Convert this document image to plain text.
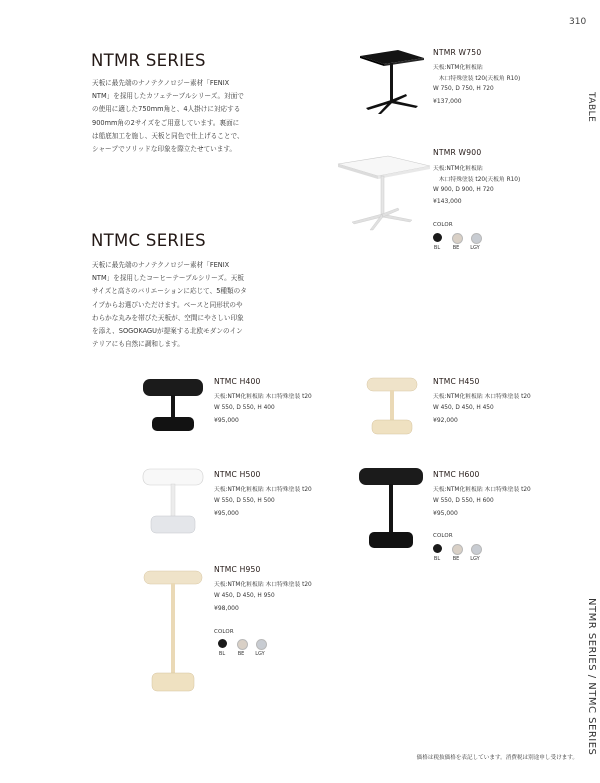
310
TABLE
NTMR SERIES / NTMC SERIES
NTMR SERIES
天板に最先端のナノテクノロジー素材「FENIX
NTM」を採用したカフェテーブルシリーズ。対面で
の使用に適した750mm角と、4人掛けに対応する
900mm角の2サイズをご用意しています。裏面に
は船底加工を施し、天板と同色で仕上げることで、
シャープでソリッドな印象を際立たせています。
NTMR W750
天板:NTM化粧板貼
　木口特殊塗装 t20(天板角 R10)
W 750, D 750, H 720
¥137,000
NTMR W900
天板:NTM化粧板貼
　木口特殊塗装 t20(天板角 R10)
W 900, D 900, H 720
¥143,000
COLOR
BL	BE	LGY
NTMC SERIES
天板に最先端のナノテクノロジー素材「FENIX
NTM」を採用したコーヒーテーブルシリーズ。天板
サイズと高さのバリエーションに応じて、5種類のタ
イプからお選びいただけます。ベースと同形状のや
わらかな丸みを帯びた天板が、空間にやさしい印象
を添え、SOGOKAGUが提案する北欧モダンのイン
テリアにも自然に調和します。
NTMC H400
天板:NTM化粧板貼 木口特殊塗装 t20
W 550, D 550, H 400
¥95,000
NTMC H450
天板:NTM化粧板貼 木口特殊塗装 t20
W 450, D 450, H 450
¥92,000
NTMC H500
天板:NTM化粧板貼 木口特殊塗装 t20
W 550, D 550, H 500
¥95,000
NTMC H600
天板:NTM化粧板貼 木口特殊塗装 t20
W 550, D 550, H 600
¥95,000
COLOR
BL	BE	LGY
NTMC H950
天板:NTM化粧板貼 木口特殊塗装 t20
W 450, D 450, H 950
¥98,000
COLOR
BL	BE	LGY
価格は税抜価格を表記しています。消費税は別途申し受けます。
